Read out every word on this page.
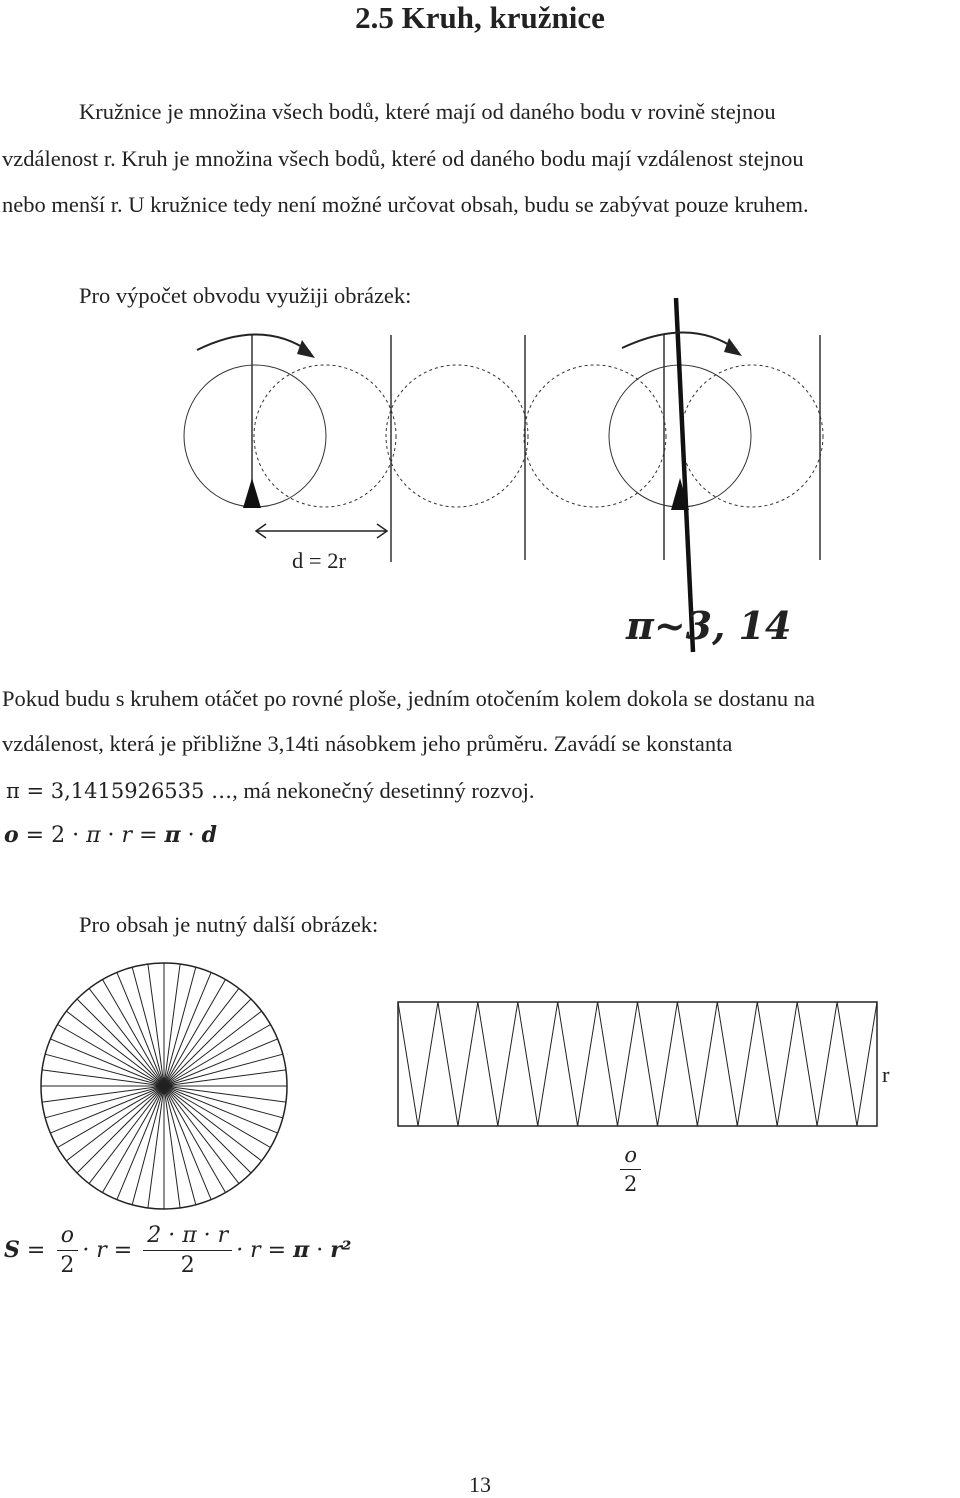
2.5 Kruh, kružnice
Kružnice je množina všech bodů, které mají od daného bodu v rovině stejnou
vzdálenost r. Kruh je množina všech bodů, které od daného bodu mají vzdálenost stejnou
nebo menší r. U kružnice tedy není možné určovat obsah, budu se zabývat pouze kruhem.
Pro výpočet obvodu využiji obrázek:
d = 2r
π~3, 14
Pokud budu s kruhem otáčet po rovné ploše, jedním otočením kolem dokola se dostanu na
vzdálenost, která je přibližne 3,14ti násobkem jeho průměru. Zavádí se konstanta
π = 3,1415926535 …, má nekonečný desetinný rozvoj.
o = 2 · π · r = π · d
Pro obsah je nutný další obrázek:
r
$\frac{o}{2}$
$S = \frac{o}{2} \cdot r = \frac{2 \cdot \pi \cdot r}{2} \cdot r = \pi \cdot r^2$
13
